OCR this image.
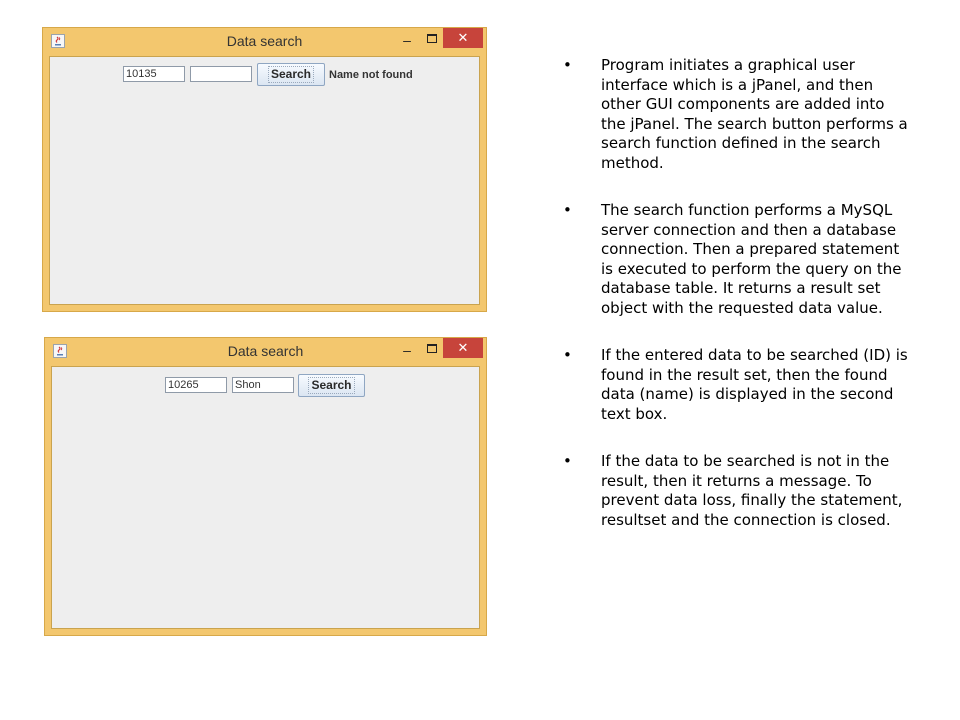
Data search	–	✕
10135	Search	Name not found
Data search	–	✕
10265	Shon	Search
• Program initiates a graphical user interface which is a jPanel, and then other GUI components are added into the jPanel. The search button performs a search function defined in the search method.
• The search function performs a MySQL server connection and then a database connection. Then a prepared statement is executed to perform the query on the database table. It returns a result set object with the requested data value.
• If the entered data to be searched (ID) is found in the result set, then the found data (name) is displayed in the second text box.
• If the data to be searched is not in the result, then it returns a message. To prevent data loss, finally the statement, resultset and the connection is closed.
